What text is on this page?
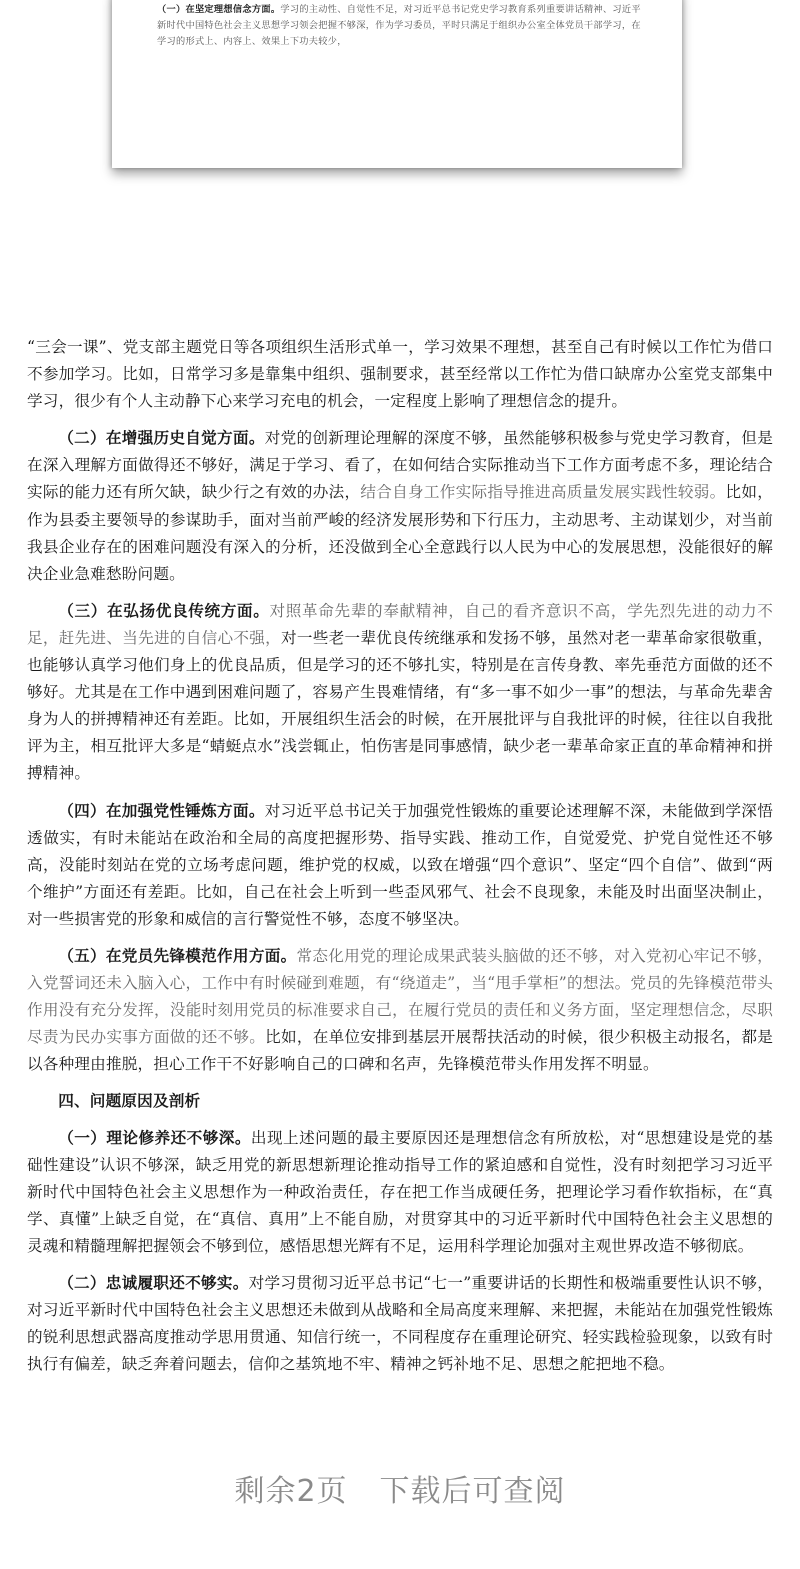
（一）在坚定理想信念方面。学习的主动性、自觉性不足，对习近平总书记党史学习教育系列重要讲话精神、习近平新时代中国特色社会主义思想学习领会把握不够深，作为学习委员，平时只满足于组织办公室全体党员干部学习，在学习的形式上、内容上、效果上下功夫较少，

“三会一课”、党支部主题党日等各项组织生活形式单一，学习效果不理想，甚至自己有时候以工作忙为借口不参加学习。比如，日常学习多是靠集中组织、强制要求，甚至经常以工作忙为借口缺席办公室党支部集中学习，很少有个人主动静下心来学习充电的机会，一定程度上影响了理想信念的提升。

（二）在增强历史自觉方面。对党的创新理论理解的深度不够，虽然能够积极参与党史学习教育，但是在深入理解方面做得还不够好，满足于学习、看了，在如何结合实际推动当下工作方面考虑不多，理论结合实际的能力还有所欠缺，缺少行之有效的办法，结合自身工作实际指导推进高质量发展实践性较弱。比如，作为县委主要领导的参谋助手，面对当前严峻的经济发展形势和下行压力，主动思考、主动谋划少，对当前我县企业存在的困难问题没有深入的分析，还没做到全心全意践行以人民为中心的发展思想，没能很好的解决企业急难愁盼问题。

（三）在弘扬优良传统方面。对照革命先辈的奉献精神，自己的看齐意识不高，学先烈先进的动力不足，赶先进、当先进的自信心不强，对一些老一辈优良传统继承和发扬不够，虽然对老一辈革命家很敬重，也能够认真学习他们身上的优良品质，但是学习的还不够扎实，特别是在言传身教、率先垂范方面做的还不够好。尤其是在工作中遇到困难问题了，容易产生畏难情绪，有“多一事不如少一事”的想法，与革命先辈舍身为人的拼搏精神还有差距。比如，开展组织生活会的时候，在开展批评与自我批评的时候，往往以自我批评为主，相互批评大多是“蜻蜓点水”浅尝辄止，怕伤害是同事感情，缺少老一辈革命家正直的革命精神和拼搏精神。

（四）在加强党性锤炼方面。对习近平总书记关于加强党性锻炼的重要论述理解不深，未能做到学深悟透做实，有时未能站在政治和全局的高度把握形势、指导实践、推动工作，自觉爱党、护党自觉性还不够高，没能时刻站在党的立场考虑问题，维护党的权威，以致在增强“四个意识”、坚定“四个自信”、做到“两个维护”方面还有差距。比如，自己在社会上听到一些歪风邪气、社会不良现象，未能及时出面坚决制止，对一些损害党的形象和威信的言行警觉性不够，态度不够坚决。

（五）在党员先锋模范作用方面。常态化用党的理论成果武装头脑做的还不够，对入党初心牢记不够，入党誓词还未入脑入心，工作中有时候碰到难题，有“绕道走”，当“甩手掌柜”的想法。党员的先锋模范带头作用没有充分发挥，没能时刻用党员的标准要求自己，在履行党员的责任和义务方面，坚定理想信念，尽职尽责为民办实事方面做的还不够。比如，在单位安排到基层开展帮扶活动的时候，很少积极主动报名，都是以各种理由推脱，担心工作干不好影响自己的口碑和名声，先锋模范带头作用发挥不明显。

四、问题原因及剖析

（一）理论修养还不够深。出现上述问题的最主要原因还是理想信念有所放松，对“思想建设是党的基础性建设”认识不够深，缺乏用党的新思想新理论推动指导工作的紧迫感和自觉性，没有时刻把学习习近平新时代中国特色社会主义思想作为一种政治责任，存在把工作当成硬任务，把理论学习看作软指标，在“真学、真懂”上缺乏自觉，在“真信、真用”上不能自励，对贯穿其中的习近平新时代中国特色社会主义思想的灵魂和精髓理解把握领会不够到位，感悟思想光辉有不足，运用科学理论加强对主观世界改造不够彻底。

（二）忠诚履职还不够实。对学习贯彻习近平总书记“七一”重要讲话的长期性和极端重要性认识不够，对习近平新时代中国特色社会主义思想还未做到从战略和全局高度来理解、来把握，未能站在加强党性锻炼的锐利思想武器高度推动学思用贯通、知信行统一，不同程度存在重理论研究、轻实践检验现象，以致有时执行有偏差，缺乏奔着问题去，信仰之基筑地不牢、精神之钙补地不足、思想之舵把地不稳。

剩余2页 下载后可查阅
